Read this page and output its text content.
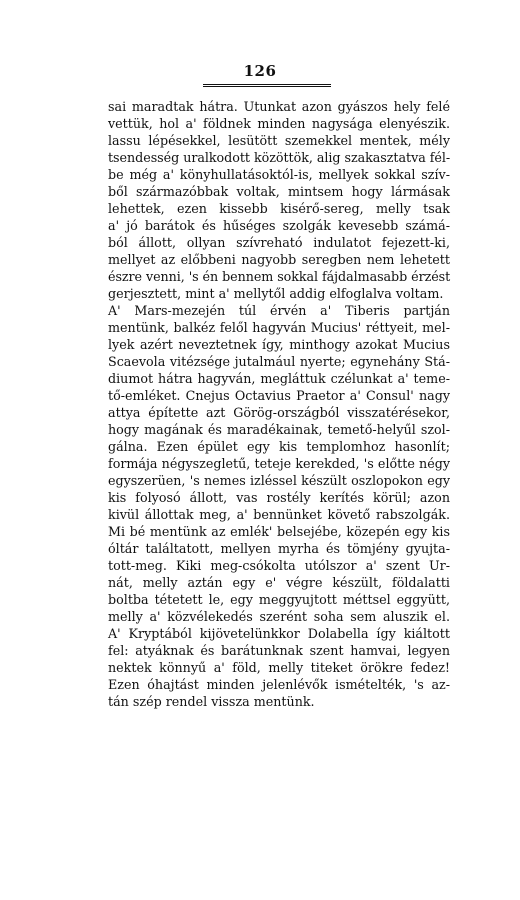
126
sai maradtak hátra. Utunkat azon gyászos hely felé
vettük, hol a' földnek minden nagysága elenyészik.
lassu lépésekkel, lesütött szemekkel mentek, mély
tsendesség uralkodott közöttök, alig szakasztatva fél-
be még a' könyhullatásoktól-is, mellyek sokkal szív-
ből származóbbak voltak, mintsem hogy lármásak
lehettek, ezen kissebb kisérő-sereg, melly tsak
a' jó barátok és hűséges szolgák kevesebb számá-
ból állott, ollyan szívreható indulatot fejezett-ki,
mellyet az előbbeni nagyobb seregben nem lehetett
észre venni, 's én bennem sokkal fájdalmasabb érzést
gerjesztett, mint a' mellytől addig elfoglalva voltam.
A' Mars-mezején túl érvén a' Tiberis partján
mentünk, balkéz felől hagyván Mucius' réttyeit, mel-
lyek azért neveztetnek így, minthogy azokat Mucius
Scaevola vitézsége jutalmául nyerte; egynehány Stá-
diumot hátra hagyván, megláttuk czélunkat a' teme-
tő-emléket. Cnejus Octavius Praetor a' Consul' nagy
attya építette azt Görög-országból visszatérésekor,
hogy magának és maradékainak, temető-helyűl szol-
gálna. Ezen épület egy kis templomhoz hasonlít;
formája négyszegletű, teteje kerekded, 's előtte négy
egyszerüen, 's nemes izléssel készült oszlopokon egy
kis folyosó állott, vas rostély kerítés körül; azon
kivül állottak meg, a' bennünket követő rabszolgák.
Mi bé mentünk az emlék' belsejébe, közepén egy kis
óltár találtatott, mellyen myrha és tömjény gyujta-
tott-meg. Kiki meg-csókolta utólszor a' szent Ur-
nát, melly aztán egy e' végre készült, földalatti
boltba tétetett le, egy meggyujtott méttsel eggyütt,
melly a' közvélekedés szerént soha sem aluszik el.
A' Kryptából kijövetelünkkor Dolabella így kiáltott
fel: atyáknak és barátunknak szent hamvai, legyen
nektek könnyű a' föld, melly titeket örökre fedez!
Ezen óhajtást minden jelenlévők ismételték, 's az-
tán szép rendel vissza mentünk.
